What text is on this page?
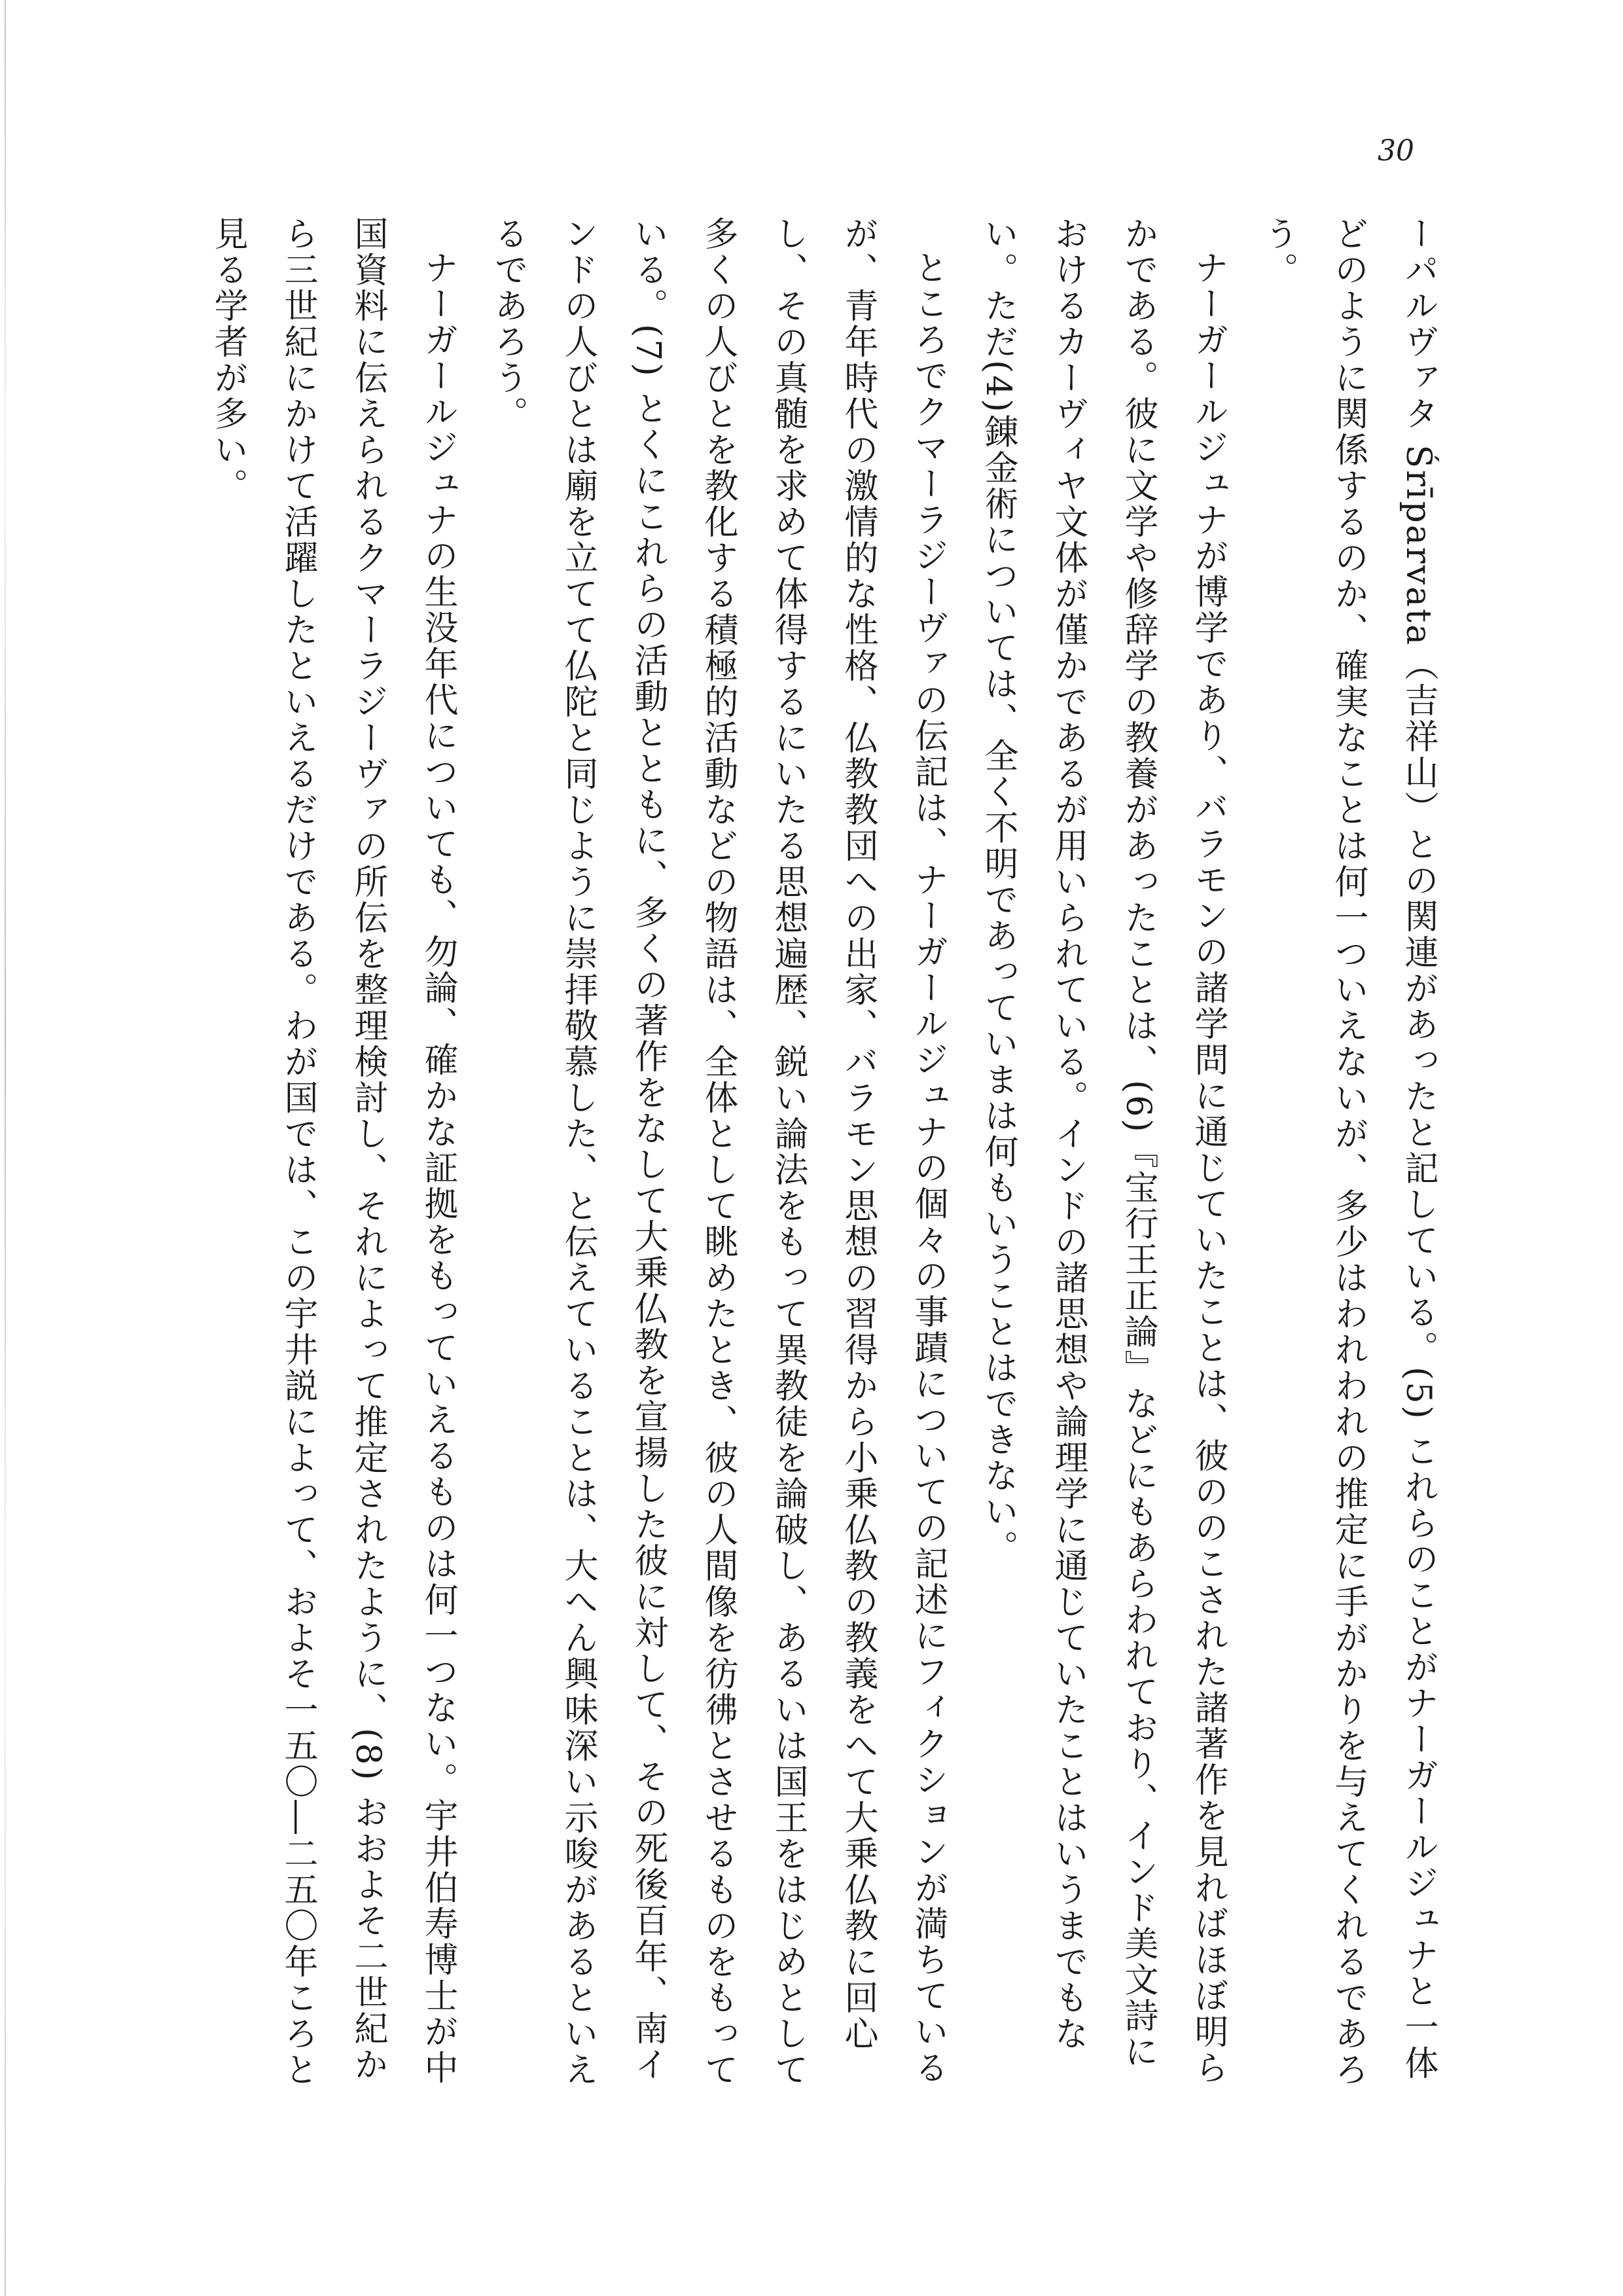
30

ーパルヴァタ Śrīparvata（吉祥山）との関連があったと記している。(5) これらのことがナーガールジュナと一体どのように関係するのか、確実なことは何一ついえないが、多少はわれわれの推定に手がかりを与えてくれるであろう。

ナーガールジュナが博学であり、バラモンの諸学問に通じていたことは、彼ののこされた諸著作を見ればほぼ明らかである。彼に文学や修辞学の教養があったことは、(6)『宝行王正論』などにもあらわれており、インド美文詩におけるカーヴィヤ文体が僅かであるが用いられている。インドの諸思想や論理学に通じていたことはいうまでもない。ただ(4)錬金術については、全く不明であっていまは何もいうことはできない。

ところでクマーラジーヴァの伝記は、ナーガールジュナの個々の事蹟についての記述にフィクションが満ちているが、青年時代の激情的な性格、仏教教団への出家、バラモン思想の習得から小乗仏教の教義をへて大乗仏教に回心し、その真髄を求めて体得するにいたる思想遍歴、鋭い論法をもって異教徒を論破し、あるいは国王をはじめとして多くの人びとを教化する積極的活動などの物語は、全体として眺めたとき、彼の人間像を彷彿とさせるものをもっている。(7) とくにこれらの活動とともに、多くの著作をなして大乗仏教を宣揚した彼に対して、その死後百年、南インドの人びとは廟を立てて仏陀と同じように崇拝敬慕した、と伝えていることは、大へん興味深い示唆があるといえるであろう。

ナーガールジュナの生没年代についても、勿論、確かな証拠をもっていえるものは何一つない。宇井伯寿博士が中国資料に伝えられるクマーラジーヴァの所伝を整理検討し、それによって推定されたように、(8) おおよそ二世紀から三世紀にかけて活躍したといえるだけである。わが国では、この宇井説によって、およそ一五〇―二五〇年ころと見る学者が多い。
